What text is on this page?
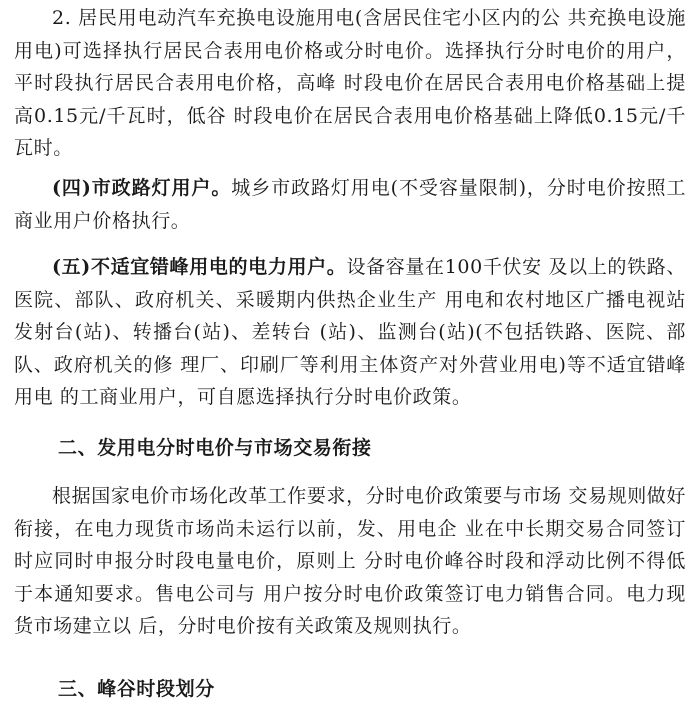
2. 居民用电动汽车充换电设施用电(含居民住宅小区内的公 共充换电设施用电)可选择执行居民合表用电价格或分时电价。选择执行分时电价的用户，平时段执行居民合表用电价格，高峰 时段电价在居民合表用电价格基础上提高0.15元/千瓦时，低谷 时段电价在居民合表用电价格基础上降低0.15元/千瓦时。

(四)市政路灯用户。城乡市政路灯用电(不受容量限制)，分时电价按照工商业用户价格执行。

(五)不适宜错峰用电的电力用户。设备容量在100千伏安 及以上的铁路、医院、部队、政府机关、采暖期内供热企业生产 用电和农村地区广播电视站发射台(站)、转播台(站)、差转台 (站)、监测台(站)(不包括铁路、医院、部队、政府机关的修 理厂、印刷厂等利用主体资产对外营业用电)等不适宜错峰用电 的工商业用户，可自愿选择执行分时电价政策。

二、发用电分时电价与市场交易衔接

根据国家电价市场化改革工作要求，分时电价政策要与市场 交易规则做好衔接，在电力现货市场尚未运行以前，发、用电企 业在中长期交易合同签订时应同时申报分时段电量电价，原则上 分时电价峰谷时段和浮动比例不得低于本通知要求。售电公司与 用户按分时电价政策签订电力销售合同。电力现货市场建立以 后，分时电价按有关政策及规则执行。

三、峰谷时段划分
